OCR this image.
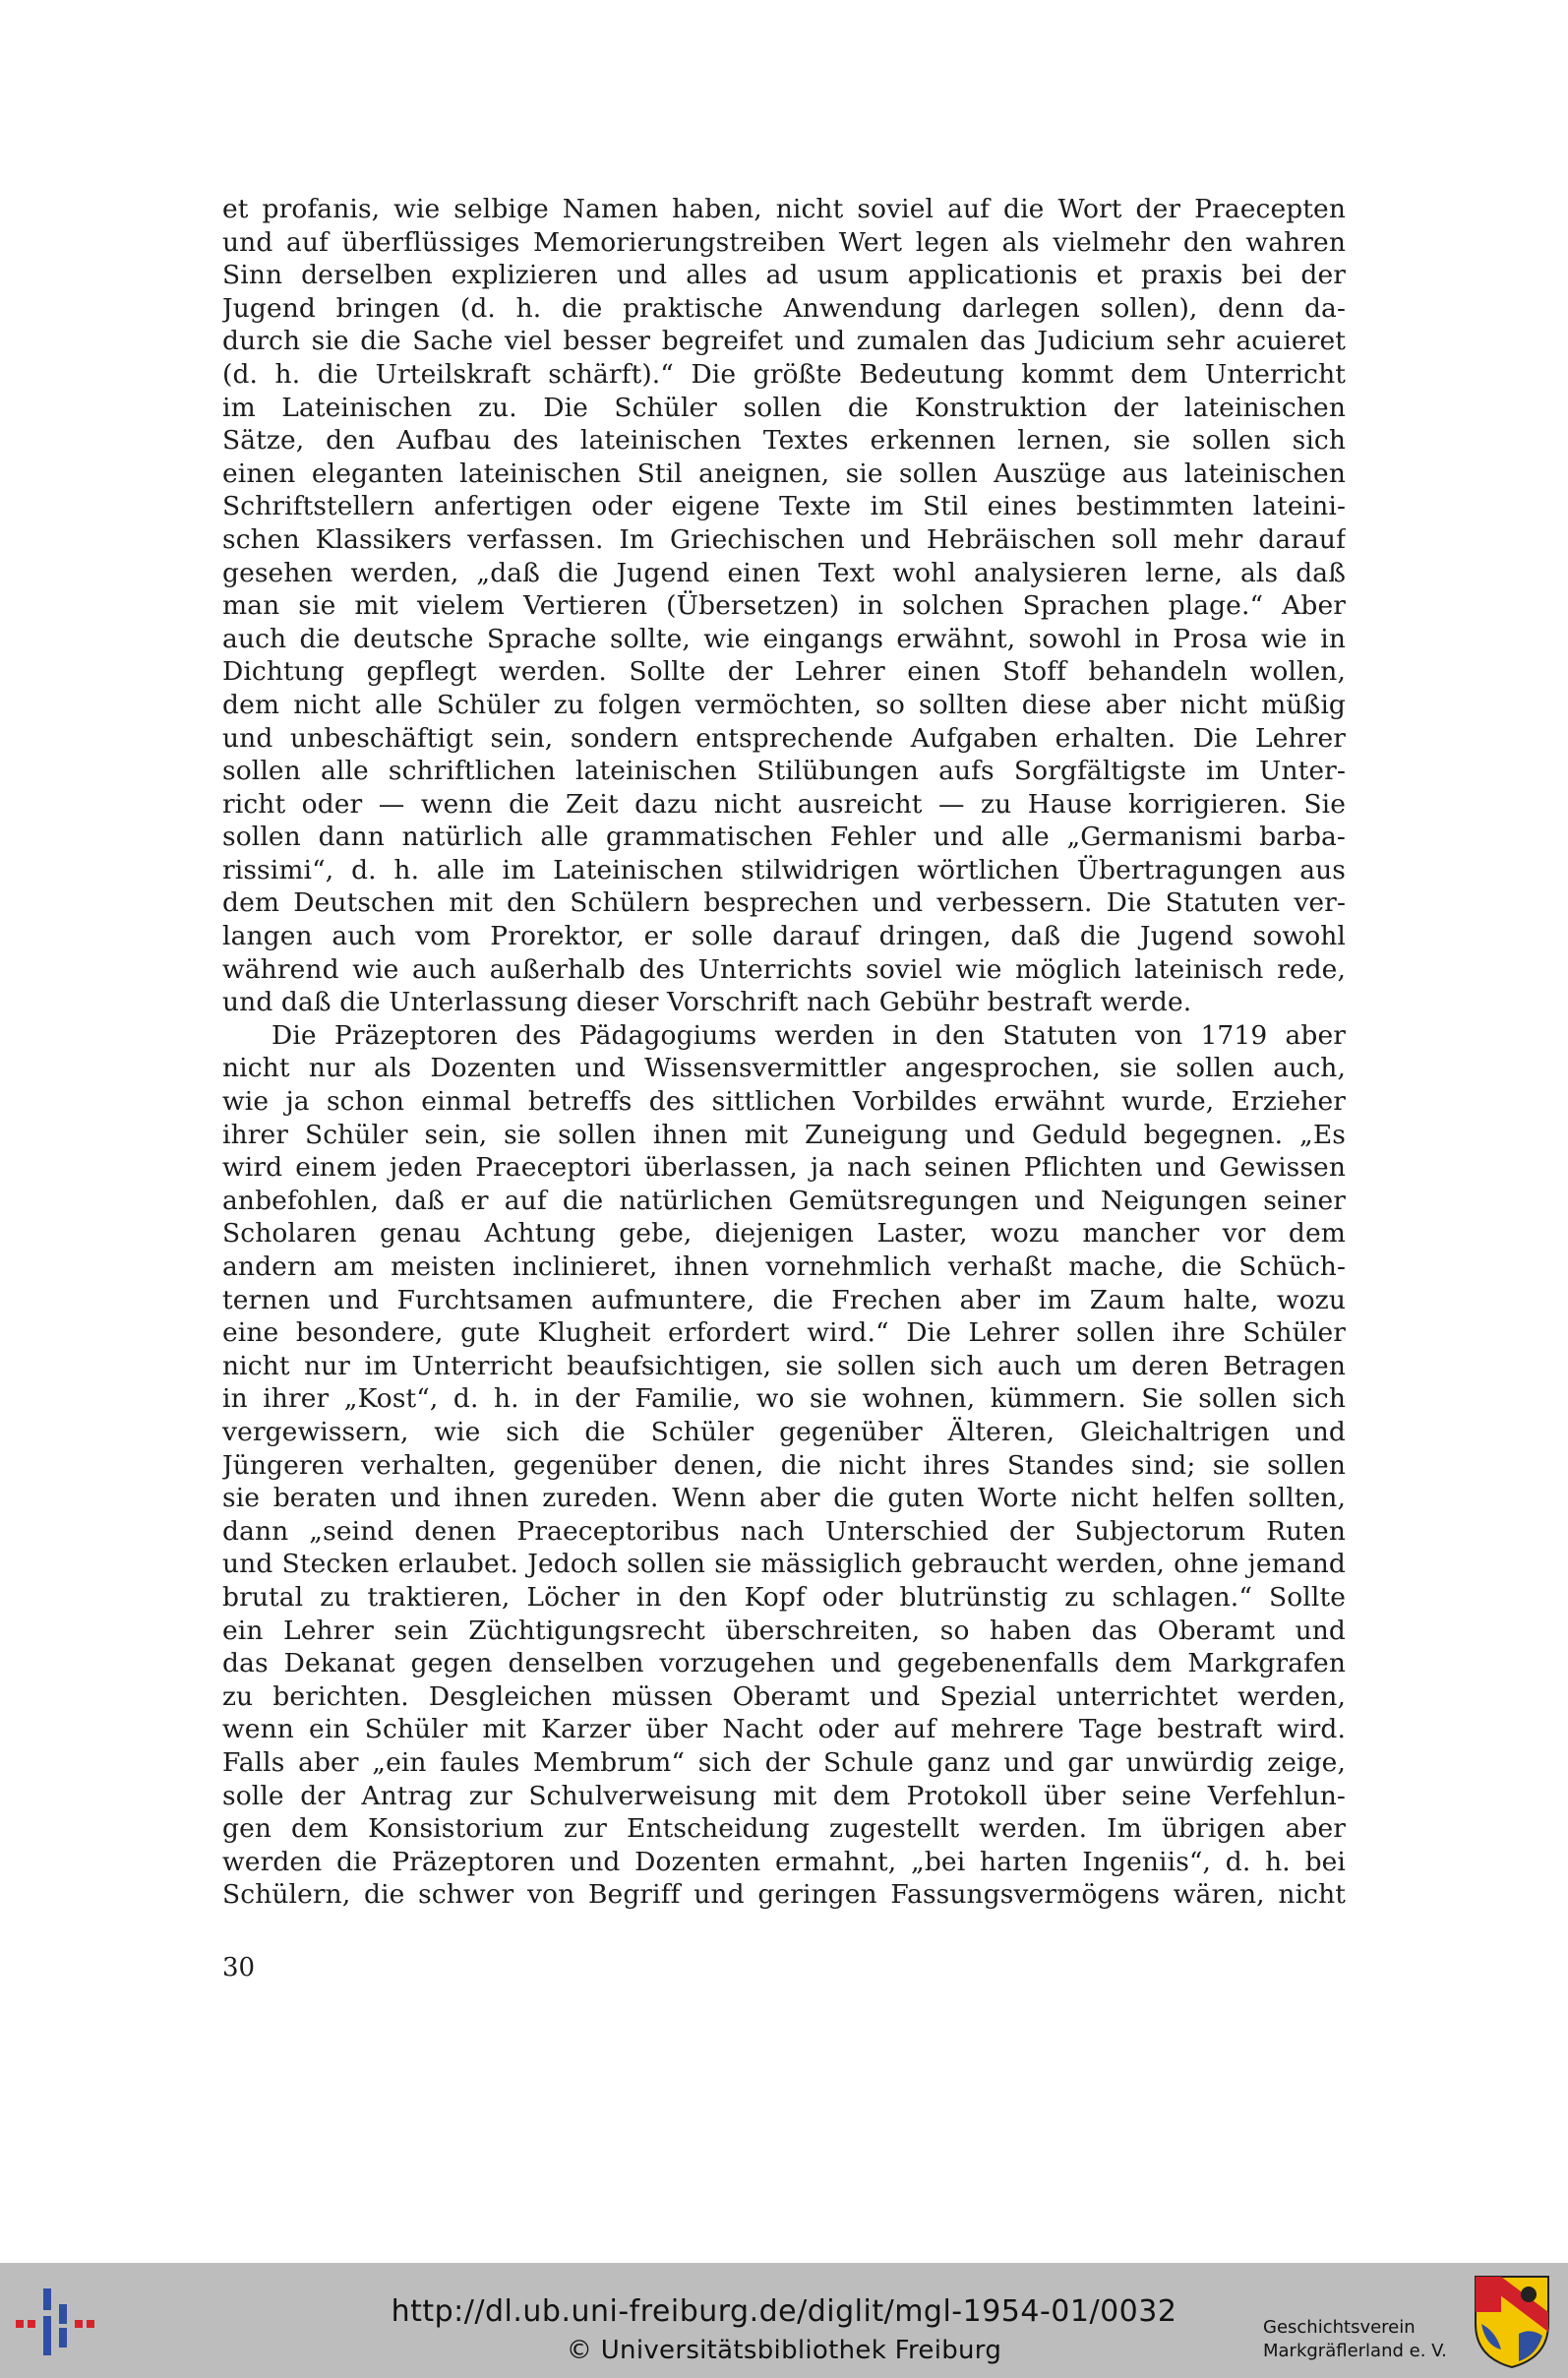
et profanis, wie selbige Namen haben, nicht soviel auf die Wort der Praecepten
und auf überflüssiges Memorierungstreiben Wert legen als vielmehr den wahren
Sinn derselben explizieren und alles ad usum applicationis et praxis bei der
Jugend bringen (d. h. die praktische Anwendung darlegen sollen), denn da-
durch sie die Sache viel besser begreifet und zumalen das Judicium sehr acuieret
(d. h. die Urteilskraft schärft).“ Die größte Bedeutung kommt dem Unterricht
im Lateinischen zu. Die Schüler sollen die Konstruktion der lateinischen
Sätze, den Aufbau des lateinischen Textes erkennen lernen, sie sollen sich
einen eleganten lateinischen Stil aneignen, sie sollen Auszüge aus lateinischen
Schriftstellern anfertigen oder eigene Texte im Stil eines bestimmten lateini-
schen Klassikers verfassen. Im Griechischen und Hebräischen soll mehr darauf
gesehen werden, „daß die Jugend einen Text wohl analysieren lerne, als daß
man sie mit vielem Vertieren (Übersetzen) in solchen Sprachen plage.“ Aber
auch die deutsche Sprache sollte, wie eingangs erwähnt, sowohl in Prosa wie in
Dichtung gepflegt werden. Sollte der Lehrer einen Stoff behandeln wollen,
dem nicht alle Schüler zu folgen vermöchten, so sollten diese aber nicht müßig
und unbeschäftigt sein, sondern entsprechende Aufgaben erhalten. Die Lehrer
sollen alle schriftlichen lateinischen Stilübungen aufs Sorgfältigste im Unter-
richt oder — wenn die Zeit dazu nicht ausreicht — zu Hause korrigieren. Sie
sollen dann natürlich alle grammatischen Fehler und alle „Germanismi barba-
rissimi“, d. h. alle im Lateinischen stilwidrigen wörtlichen Übertragungen aus
dem Deutschen mit den Schülern besprechen und verbessern. Die Statuten ver-
langen auch vom Prorektor, er solle darauf dringen, daß die Jugend sowohl
während wie auch außerhalb des Unterrichts soviel wie möglich lateinisch rede,
und daß die Unterlassung dieser Vorschrift nach Gebühr bestraft werde.
Die Präzeptoren des Pädagogiums werden in den Statuten von 1719 aber
nicht nur als Dozenten und Wissensvermittler angesprochen, sie sollen auch,
wie ja schon einmal betreffs des sittlichen Vorbildes erwähnt wurde, Erzieher
ihrer Schüler sein, sie sollen ihnen mit Zuneigung und Geduld begegnen. „Es
wird einem jeden Praeceptori überlassen, ja nach seinen Pflichten und Gewissen
anbefohlen, daß er auf die natürlichen Gemütsregungen und Neigungen seiner
Scholaren genau Achtung gebe, diejenigen Laster, wozu mancher vor dem
andern am meisten inclinieret, ihnen vornehmlich verhaßt mache, die Schüch-
ternen und Furchtsamen aufmuntere, die Frechen aber im Zaum halte, wozu
eine besondere, gute Klugheit erfordert wird.“ Die Lehrer sollen ihre Schüler
nicht nur im Unterricht beaufsichtigen, sie sollen sich auch um deren Betragen
in ihrer „Kost“, d. h. in der Familie, wo sie wohnen, kümmern. Sie sollen sich
vergewissern, wie sich die Schüler gegenüber Älteren, Gleichaltrigen und
Jüngeren verhalten, gegenüber denen, die nicht ihres Standes sind; sie sollen
sie beraten und ihnen zureden. Wenn aber die guten Worte nicht helfen sollten,
dann „seind denen Praeceptoribus nach Unterschied der Subjectorum Ruten
und Stecken erlaubet. Jedoch sollen sie mässiglich gebraucht werden, ohne jemand
brutal zu traktieren, Löcher in den Kopf oder blutrünstig zu schlagen.“ Sollte
ein Lehrer sein Züchtigungsrecht überschreiten, so haben das Oberamt und
das Dekanat gegen denselben vorzugehen und gegebenenfalls dem Markgrafen
zu berichten. Desgleichen müssen Oberamt und Spezial unterrichtet werden,
wenn ein Schüler mit Karzer über Nacht oder auf mehrere Tage bestraft wird.
Falls aber „ein faules Membrum“ sich der Schule ganz und gar unwürdig zeige,
solle der Antrag zur Schulverweisung mit dem Protokoll über seine Verfehlun-
gen dem Konsistorium zur Entscheidung zugestellt werden. Im übrigen aber
werden die Präzeptoren und Dozenten ermahnt, „bei harten Ingeniis“, d. h. bei
Schülern, die schwer von Begriff und geringen Fassungsvermögens wären, nicht
30
http://dl.ub.uni-freiburg.de/diglit/mgl-1954-01/0032
© Universitätsbibliothek Freiburg
Geschichtsverein
Markgräflerland e. V.
